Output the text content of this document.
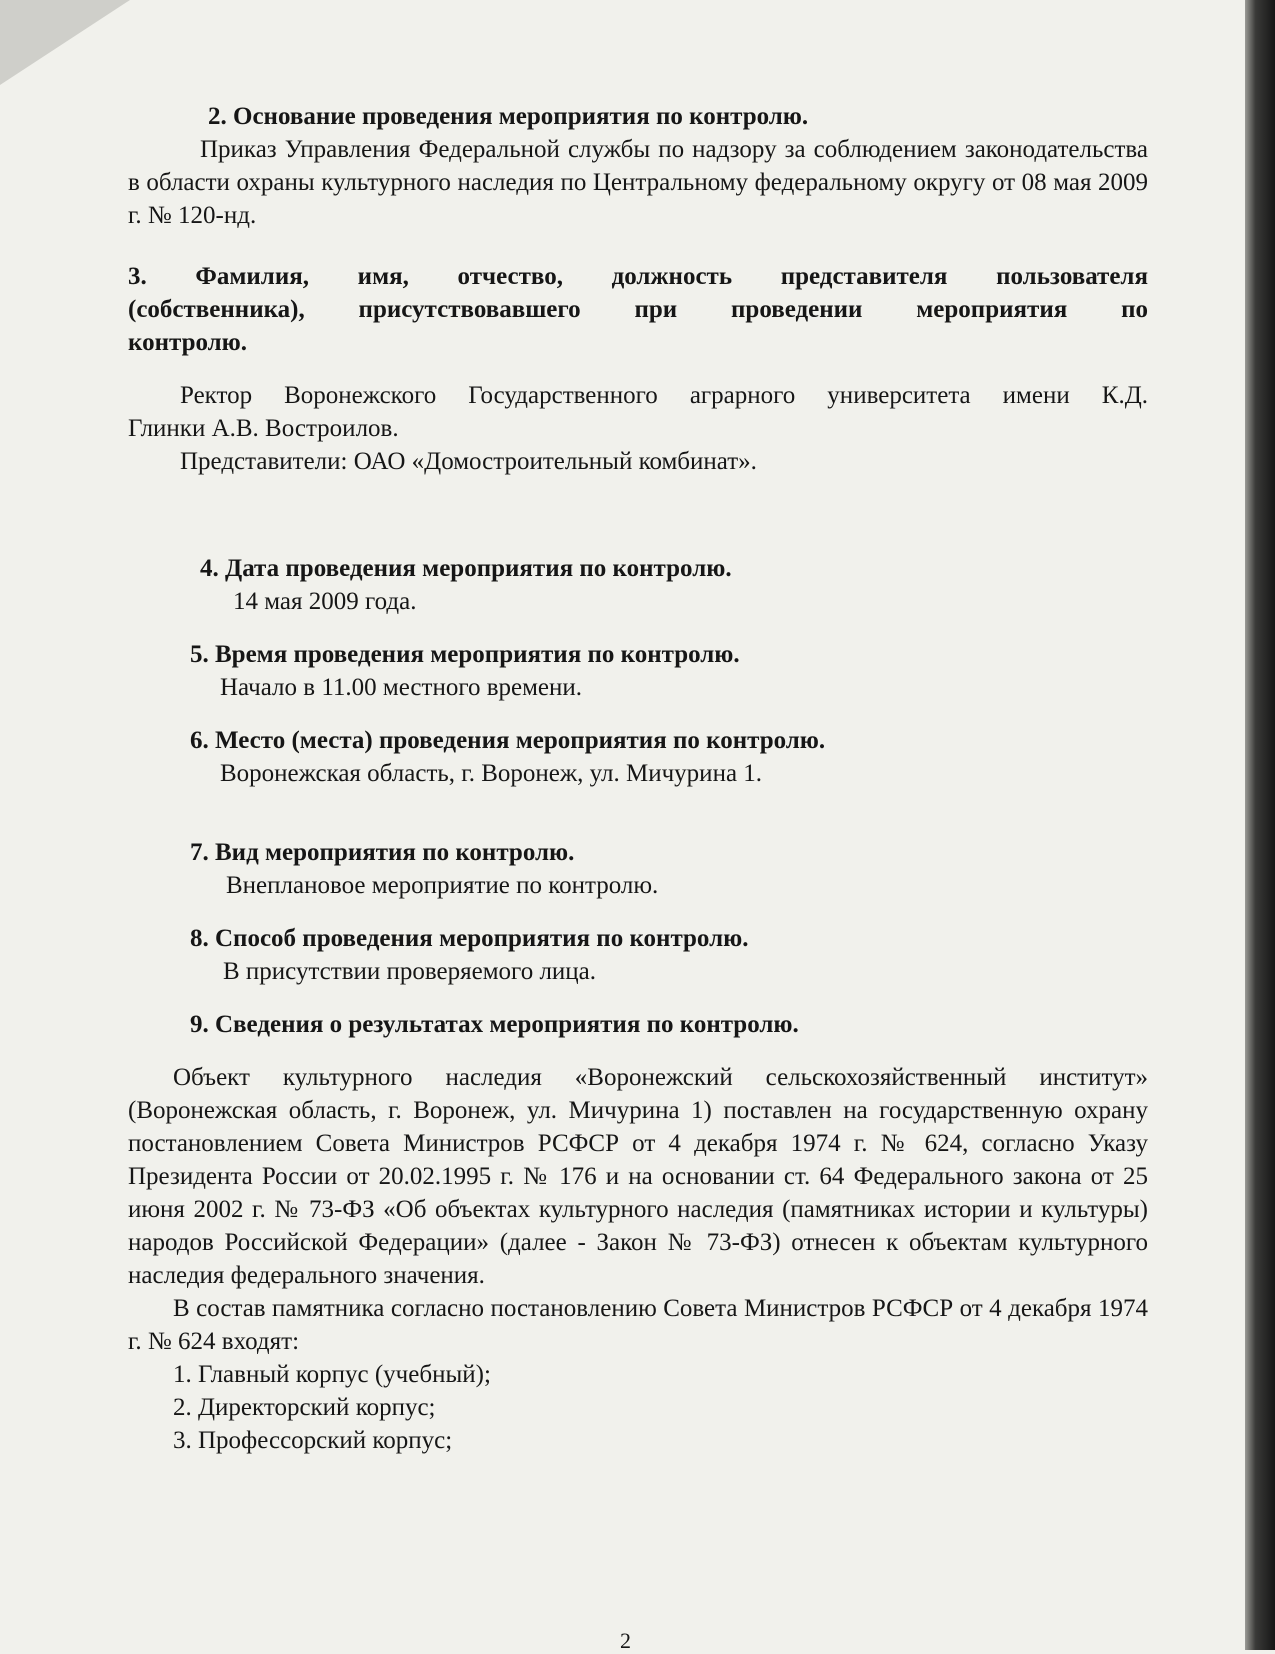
2. Основание проведения мероприятия по контролю.

Приказ Управления Федеральной службы по надзору за соблюдением законодательства в области охраны культурного наследия по Центральному федеральному округу от 08 мая 2009 г. № 120-нд.

3. Фамилия, имя, отчество, должность представителя пользователя
(собственника), присутствовавшего при проведении мероприятия по
контролю.
Ректор Воронежского Государственного аграрного университета имени К.Д.
Глинки А.В. Востроилов.
Представители: ОАО «Домостроительный комбинат».
4. Дата проведения мероприятия по контролю.
14 мая 2009 года.
5. Время проведения мероприятия по контролю.
Начало в 11.00 местного времени.
6. Место (места) проведения мероприятия по контролю.
Воронежская область, г. Воронеж, ул. Мичурина 1.
7. Вид мероприятия по контролю.
Внеплановое мероприятие по контролю.
8. Способ проведения мероприятия по контролю.
В присутствии проверяемого лица.
9. Сведения о результатах мероприятия по контролю.

Объект культурного наследия «Воронежский сельскохозяйственный институт» (Воронежская область, г. Воронеж, ул. Мичурина 1) поставлен на государственную охрану постановлением Совета Министров РСФСР от 4 декабря 1974 г. № 624, согласно Указу Президента России от 20.02.1995 г. № 176 и на основании ст. 64 Федерального закона от 25 июня 2002 г. № 73-ФЗ «Об объектах культурного наследия (памятниках истории и культуры) народов Российской Федерации» (далее - Закон № 73-ФЗ) отнесен к объектам культурного наследия федерального значения.

В состав памятника согласно постановлению Совета Министров РСФСР от 4 декабря 1974 г. № 624 входят:

1. Главный корпус (учебный);
2. Директорский корпус;
3. Профессорский корпус;
2
